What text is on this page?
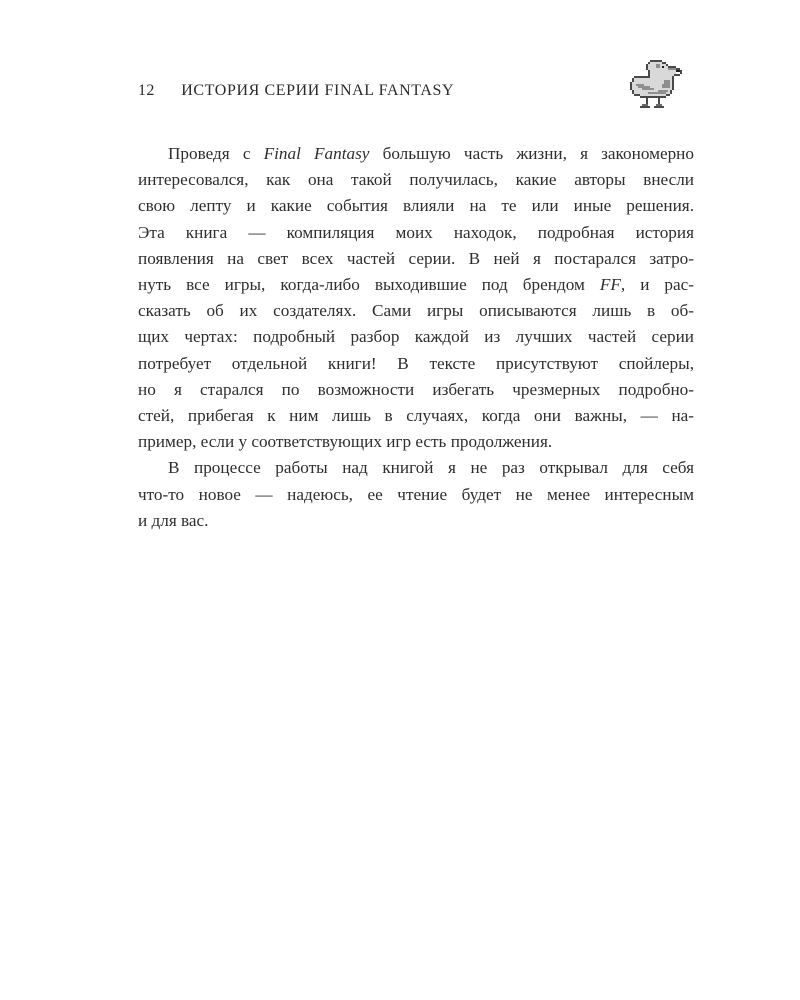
12 ИСТОРИЯ СЕРИИ FINAL FANTASY
Проведя с Final Fantasy большую часть жизни, я закономерно
интересовался, как она такой получилась, какие авторы внесли
свою лепту и какие события влияли на те или иные решения.
Эта книга — компиляция моих находок, подробная история
появления на свет всех частей серии. В ней я постарался затро-
нуть все игры, когда-либо выходившие под брендом FF, и рас-
сказать об их создателях. Сами игры описываются лишь в об-
щих чертах: подробный разбор каждой из лучших частей серии
потребует отдельной книги! В тексте присутствуют спойлеры,
но я старался по возможности избегать чрезмерных подробно-
стей, прибегая к ним лишь в случаях, когда они важны, — на-
пример, если у соответствующих игр есть продолжения.
В процессе работы над книгой я не раз открывал для себя
что-то новое — надеюсь, ее чтение будет не менее интересным
и для вас.
